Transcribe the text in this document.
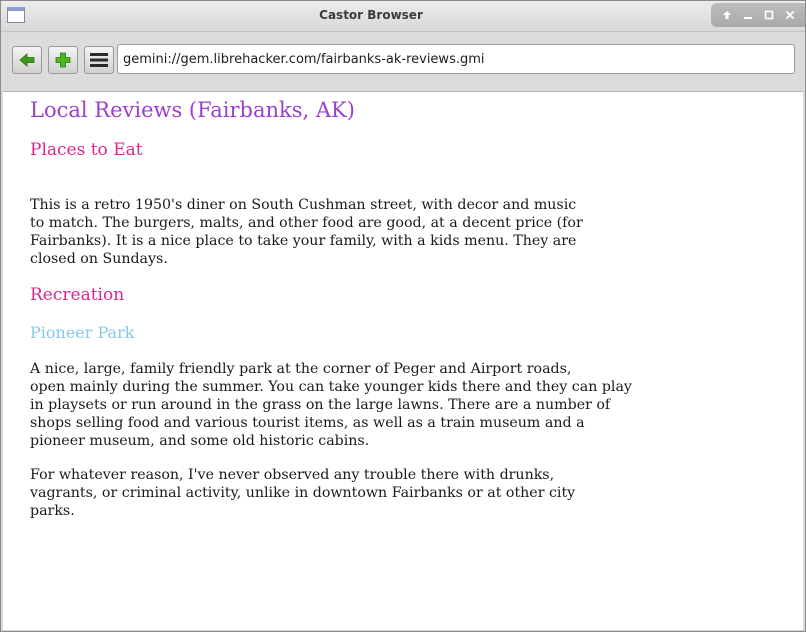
Castor Browser
gemini://gem.librehacker.com/fairbanks-ak-reviews.gmi
Local Reviews (Fairbanks, AK)
Places to Eat
This is a retro 1950's diner on South Cushman street, with decor and music
to match. The burgers, malts, and other food are good, at a decent price (for
Fairbanks). It is a nice place to take your family, with a kids menu. They are
closed on Sundays.
Recreation
Pioneer Park
A nice, large, family friendly park at the corner of Peger and Airport roads,
open mainly during the summer. You can take younger kids there and they can play
in playsets or run around in the grass on the large lawns. There are a number of
shops selling food and various tourist items, as well as a train museum and a
pioneer museum, and some old historic cabins.
For whatever reason, I've never observed any trouble there with drunks,
vagrants, or criminal activity, unlike in downtown Fairbanks or at other city
parks.
